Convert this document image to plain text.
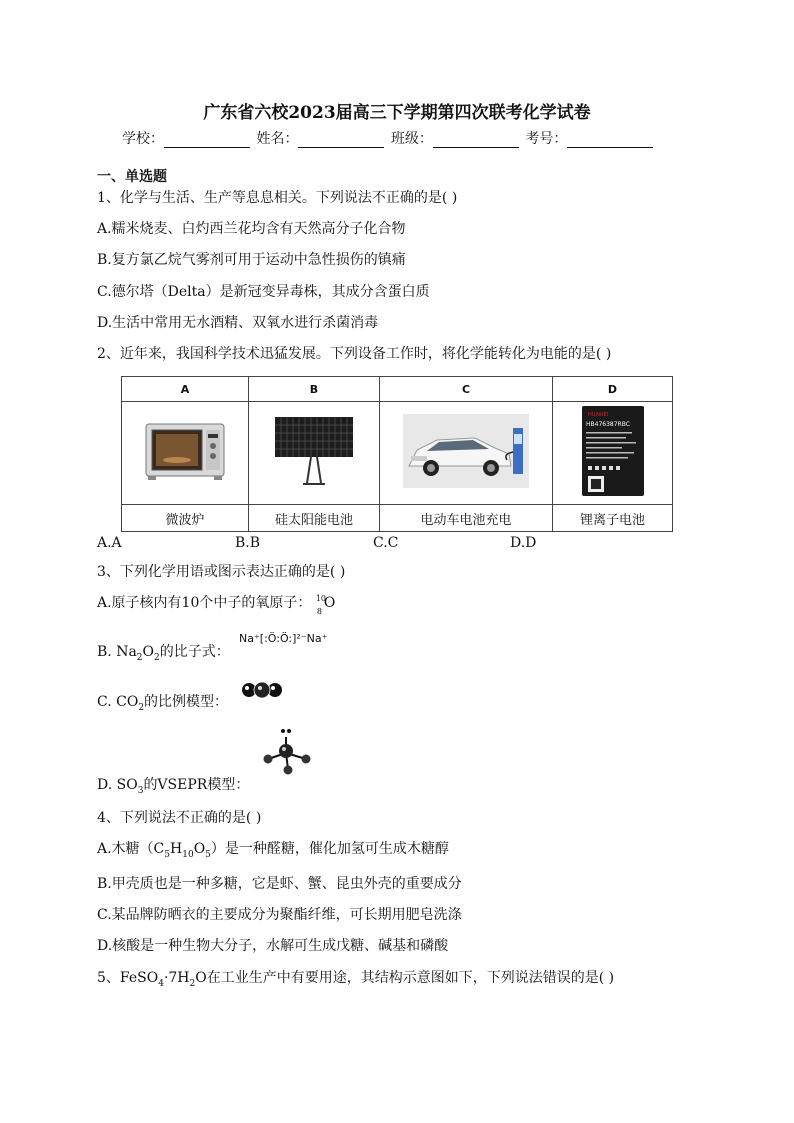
广东省六校2023届高三下学期第四次联考化学试卷
学校：	姓名：	班级：	考号：
一、单选题
1、化学与生活、生产等息息相关。下列说法不正确的是( )
A.糯米烧麦、白灼西兰花均含有天然高分子化合物
B.复方氯乙烷气雾剂可用于运动中急性损伤的镇痛
C.德尔塔（Delta）是新冠变异毒株，其成分含蛋白质
D.生活中常用无水酒精、双氧水进行杀菌消毒
2、近年来，我国科学技术迅猛发展。下列设备工作时，将化学能转化为电能的是( )
A	B	C	D

HUAWEI
HB476387RBC

微波炉	硅太阳能电池	电动车电池充电	锂离子电池
A.A	B.B	C.C	D.D
3、下列化学用语或图示表达正确的是( )
A.原子核内有10个中子的氧原子： 10
8
O
B. $Na_2O_2$的比子式：
Na⁺[:Ö:Ö:]²⁻Na⁺
C. $CO_2$的比例模型：
D. $SO_3$的VSEPR模型：
4、下列说法不正确的是( )
A.木糖$(C_5H_{10}O_5)$是一种醛糖，催化加氢可生成木糖醇
B.甲壳质也是一种多糖，它是虾、蟹、昆虫外壳的重要成分
C.某品牌防晒衣的主要成分为聚酯纤维，可长期用肥皂洗涤
D.核酸是一种生物大分子，水解可生成戊糖、碱基和磷酸
5、$FeSO_4\cdot 7H_2O$在工业生产中有要用途，其结构示意图如下，下列说法错误的是( )
